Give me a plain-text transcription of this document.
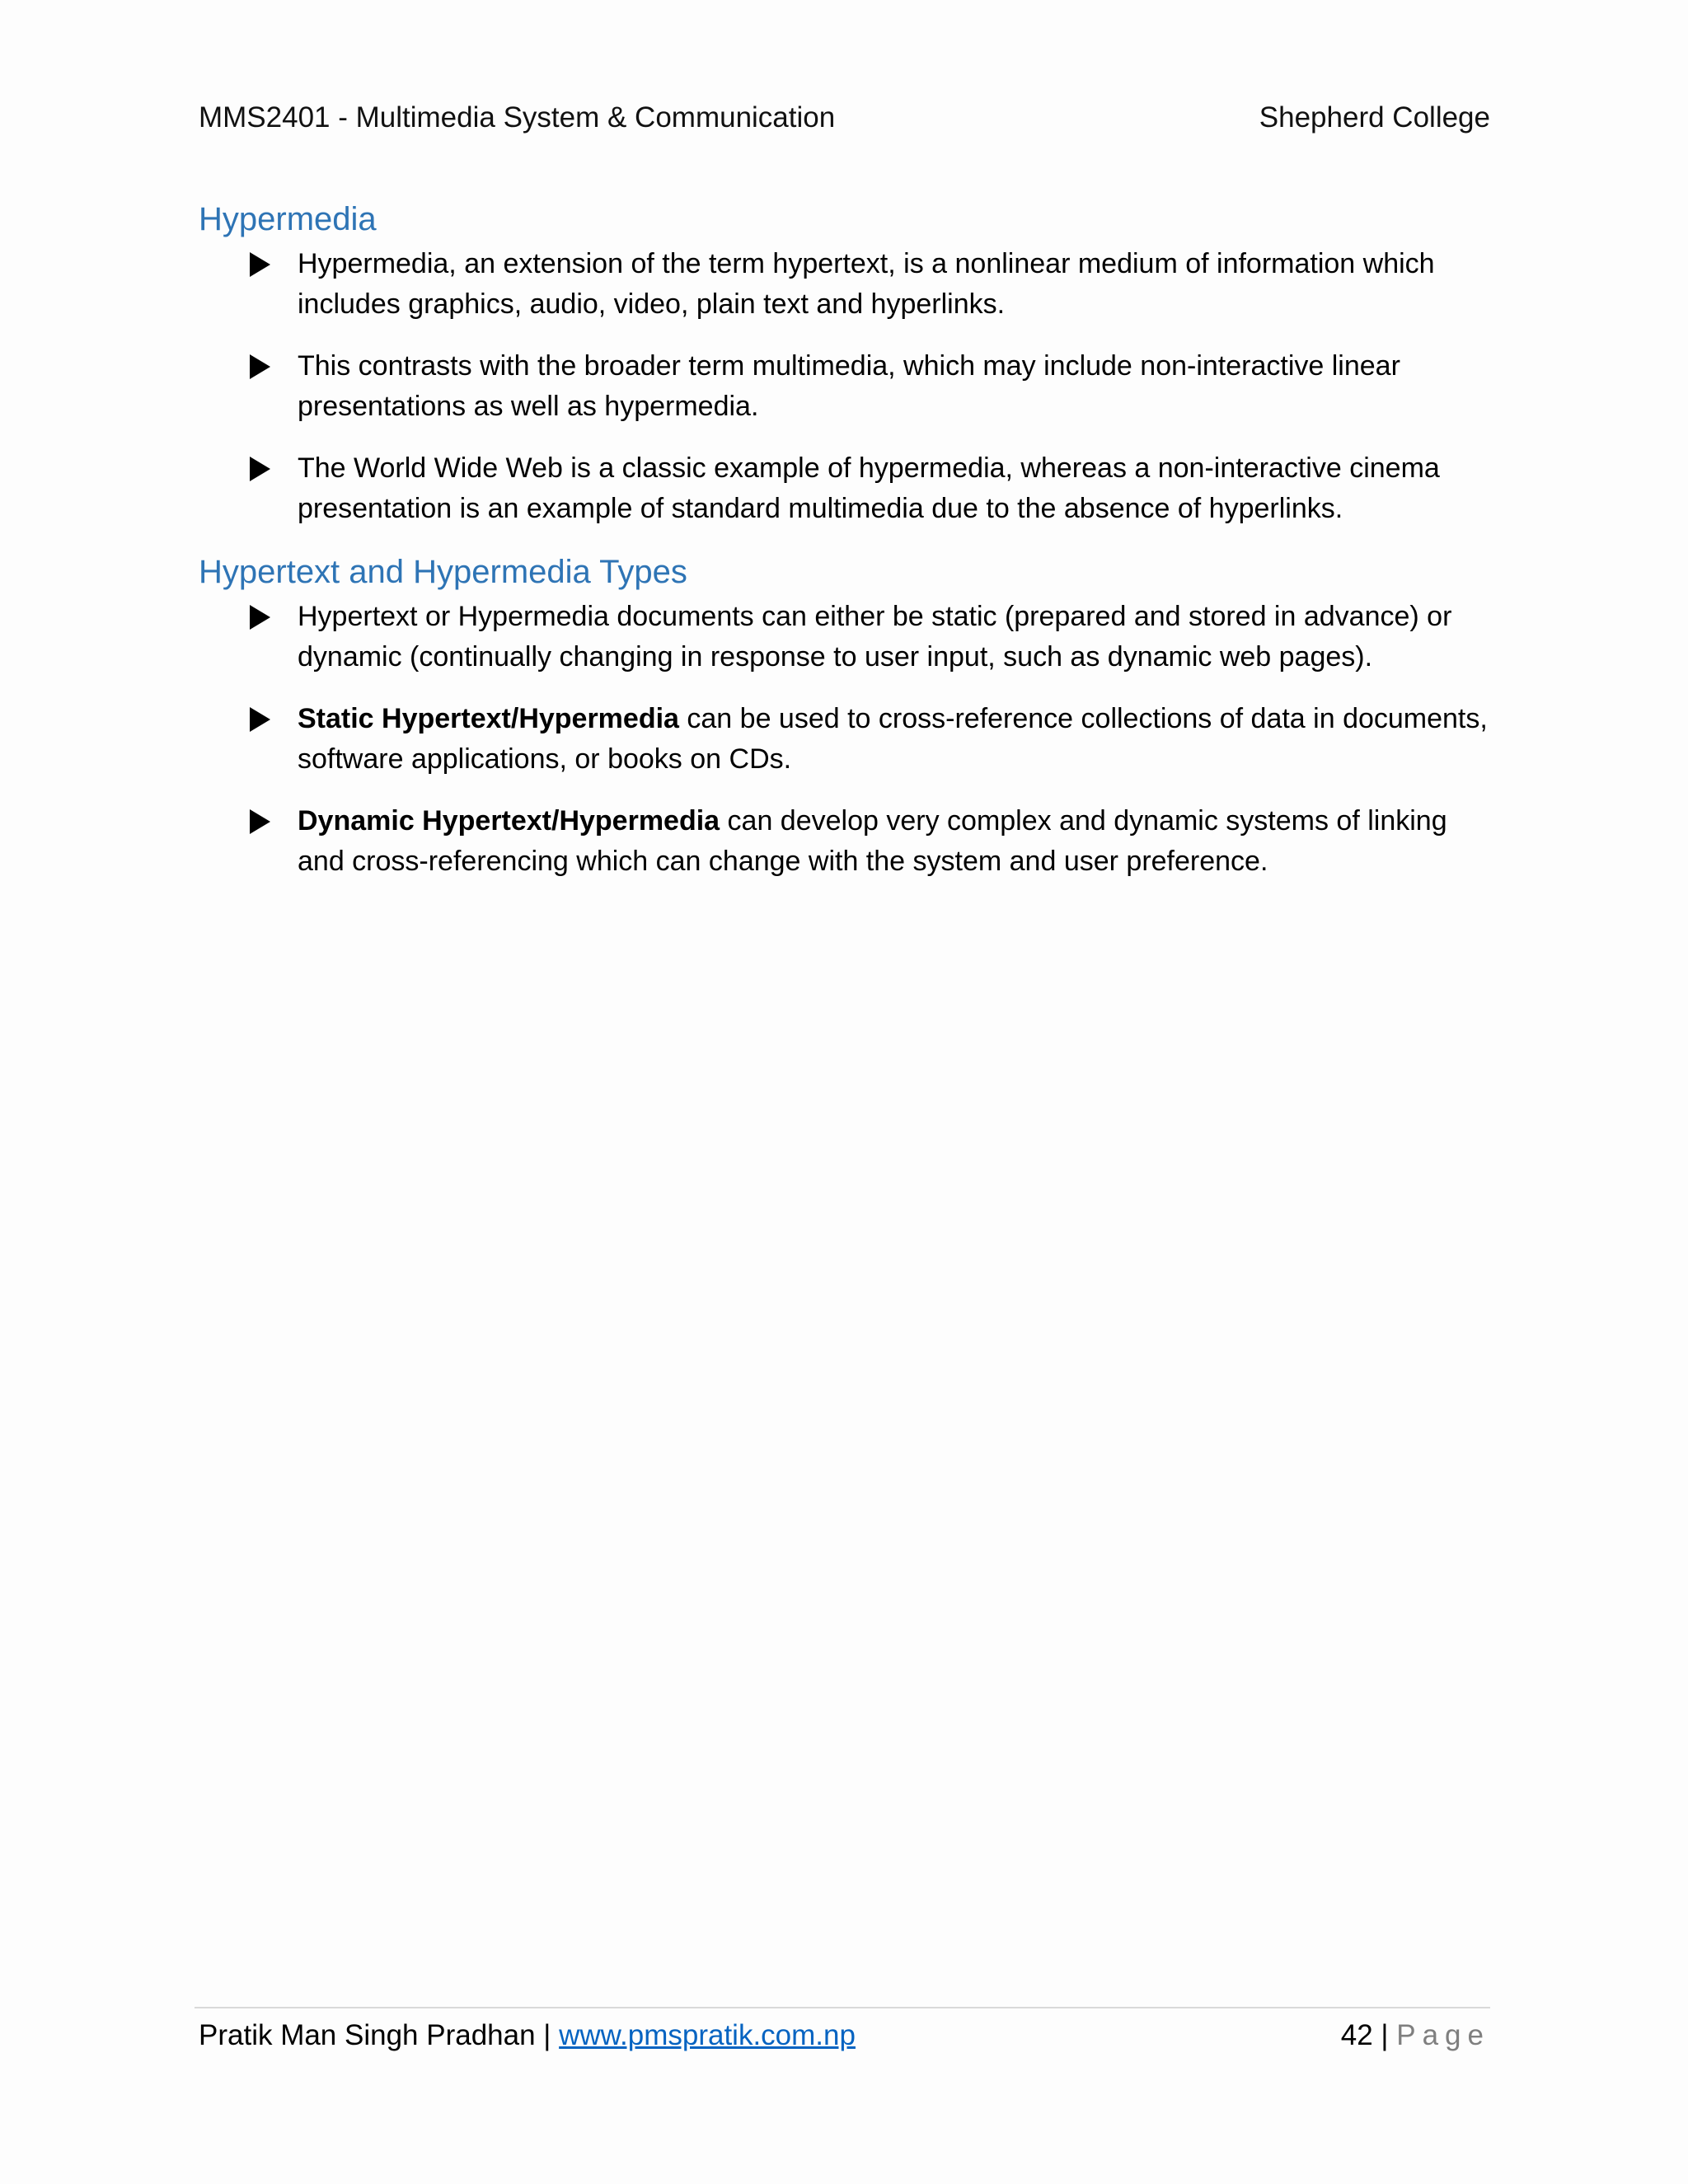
MMS2401 - Multimedia System & Communication	Shepherd College
Hypermedia
Hypermedia, an extension of the term hypertext, is a nonlinear medium of information which includes graphics, audio, video, plain text and hyperlinks.
This contrasts with the broader term multimedia, which may include non-interactive linear presentations as well as hypermedia.
The World Wide Web is a classic example of hypermedia, whereas a non-interactive cinema presentation is an example of standard multimedia due to the absence of hyperlinks.
Hypertext and Hypermedia Types
Hypertext or Hypermedia documents can either be static (prepared and stored in advance) or dynamic (continually changing in response to user input, such as dynamic web pages).
Static Hypertext/Hypermedia can be used to cross-reference collections of data in documents, software applications, or books on CDs.
Dynamic Hypertext/Hypermedia can develop very complex and dynamic systems of linking and cross-referencing which can change with the system and user preference.
Pratik Man Singh Pradhan | www.pmspratik.com.np	42 | Page
